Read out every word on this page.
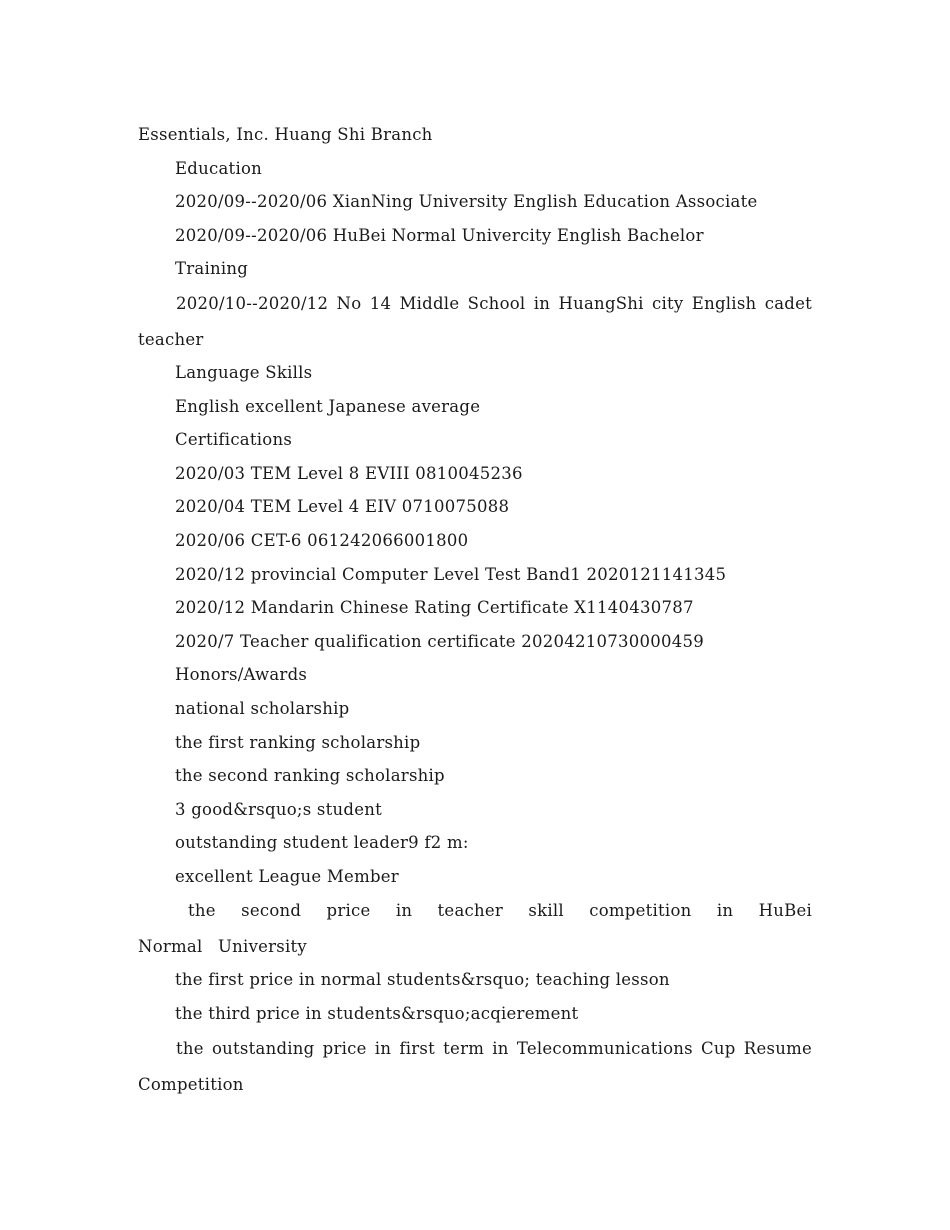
Essentials, Inc. Huang Shi Branch
Education
2020/09--2020/06 XianNing University English Education Associate
2020/09--2020/06 HuBei Normal Univercity English Bachelor
Training
2020/10--2020/12 No 14 Middle School in HuangShi city English cadet teacher
Language Skills
English excellent Japanese average
Certifications
2020/03 TEM Level 8 EVIII 0810045236
2020/04 TEM Level 4 EIV 0710075088
2020/06 CET-6 061242066001800
2020/12 provincial Computer Level Test Band1 2020121141345
2020/12 Mandarin Chinese Rating Certificate X1140430787
2020/7 Teacher qualification certificate 20204210730000459
Honors/Awards
national scholarship
the first ranking scholarship
the second ranking scholarship
3 good&rsquo;s student
outstanding student leader9 f2 m:
excellent League Member
the second price in teacher skill competition in HuBei Normal University
the first price in normal students&rsquo; teaching lesson
the third price in students&rsquo;acqierement
the outstanding price in first term in Telecommunications Cup Resume Competition
